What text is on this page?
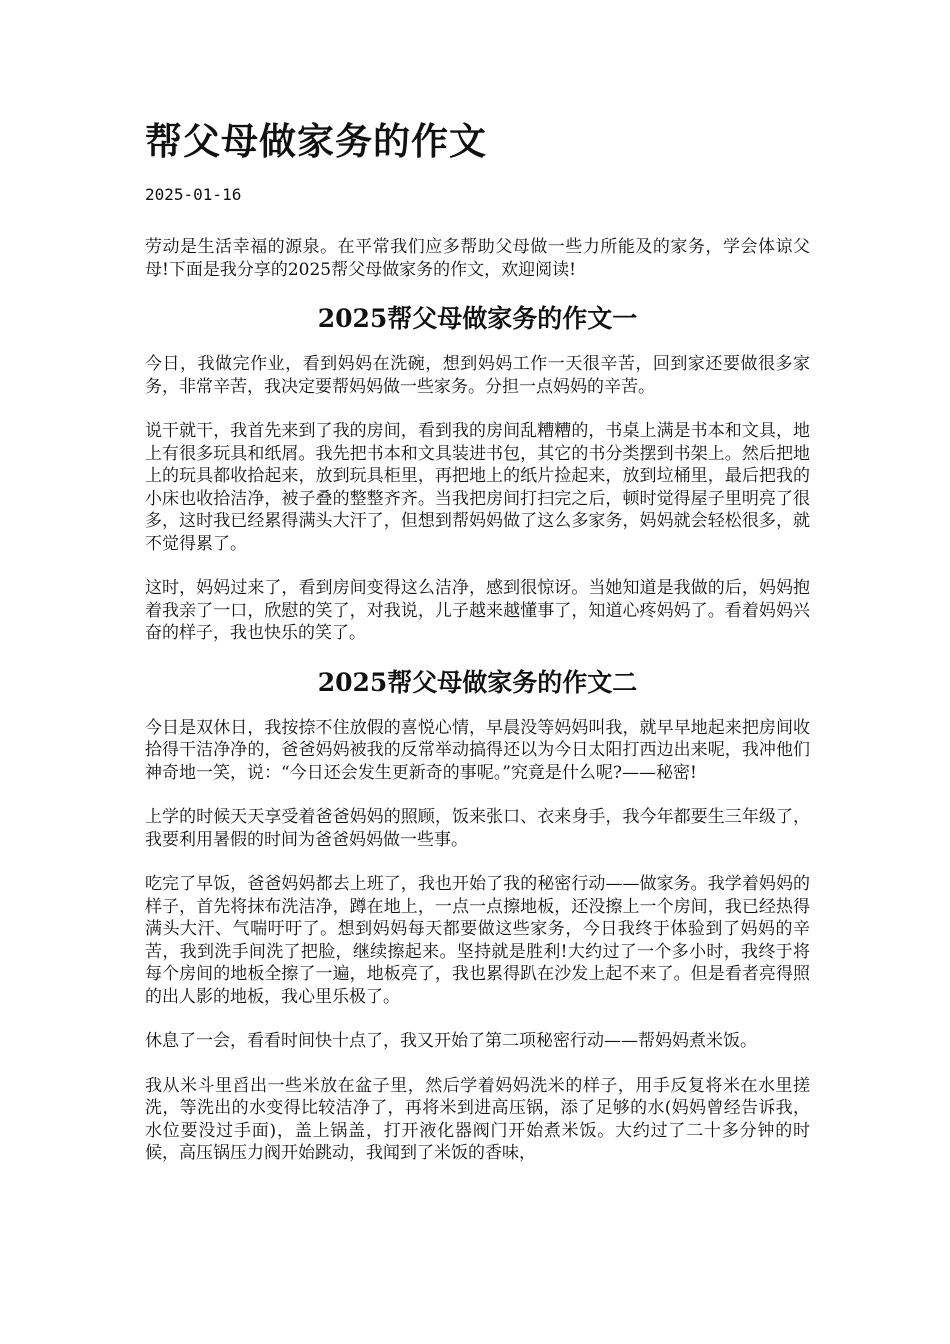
帮父母做家务的作文
2025-01-16

劳动是生活幸福的源泉。在平常我们应多帮助父母做一些力所能及的家务，学会体谅父母!下面是我分享的2025帮父母做家务的作文，欢迎阅读!

2025帮父母做家务的作文一

今日，我做完作业，看到妈妈在洗碗，想到妈妈工作一天很辛苦，回到家还要做很多家务，非常辛苦，我决定要帮妈妈做一些家务。分担一点妈妈的辛苦。

说干就干，我首先来到了我的房间，看到我的房间乱糟糟的，书桌上满是书本和文具，地上有很多玩具和纸屑。我先把书本和文具装进书包，其它的书分类摆到书架上。然后把地上的玩具都收拾起来，放到玩具柜里，再把地上的纸片捡起来，放到垃桶里，最后把我的小床也收拾洁净，被子叠的整整齐齐。当我把房间打扫完之后，顿时觉得屋子里明亮了很多，这时我已经累得满头大汗了，但想到帮妈妈做了这么多家务，妈妈就会轻松很多，就不觉得累了。

这时，妈妈过来了，看到房间变得这么洁净，感到很惊讶。当她知道是我做的后，妈妈抱着我亲了一口，欣慰的笑了，对我说，儿子越来越懂事了，知道心疼妈妈了。看着妈妈兴奋的样子，我也快乐的笑了。

2025帮父母做家务的作文二

今日是双休日，我按捺不住放假的喜悦心情，早晨没等妈妈叫我，就早早地起来把房间收拾得干洁净净的，爸爸妈妈被我的反常举动搞得还以为今日太阳打西边出来呢，我冲他们神奇地一笑，说：“今日还会发生更新奇的事呢。”究竟是什么呢?——秘密!

上学的时候天天享受着爸爸妈妈的照顾，饭来张口、衣来身手，我今年都要生三年级了，我要利用暑假的时间为爸爸妈妈做一些事。

吃完了早饭，爸爸妈妈都去上班了，我也开始了我的秘密行动——做家务。我学着妈妈的样子，首先将抹布洗洁净，蹲在地上，一点一点擦地板，还没擦上一个房间，我已经热得满头大汗、气喘吁吁了。想到妈妈每天都要做这些家务，今日我终于体验到了妈妈的辛苦，我到洗手间洗了把脸，继续擦起来。坚持就是胜利!大约过了一个多小时，我终于将每个房间的地板全擦了一遍，地板亮了，我也累得趴在沙发上起不来了。但是看者亮得照的出人影的地板，我心里乐极了。

休息了一会，看看时间快十点了，我又开始了第二项秘密行动——帮妈妈煮米饭。

我从米斗里舀出一些米放在盆子里，然后学着妈妈洗米的样子，用手反复将米在水里搓洗，等洗出的水变得比较洁净了，再将米到进高压锅，添了足够的水(妈妈曾经告诉我，水位要没过手面)，盖上锅盖，打开液化器阀门开始煮米饭。大约过了二十多分钟的时候，高压锅压力阀开始跳动，我闻到了米饭的香味，
